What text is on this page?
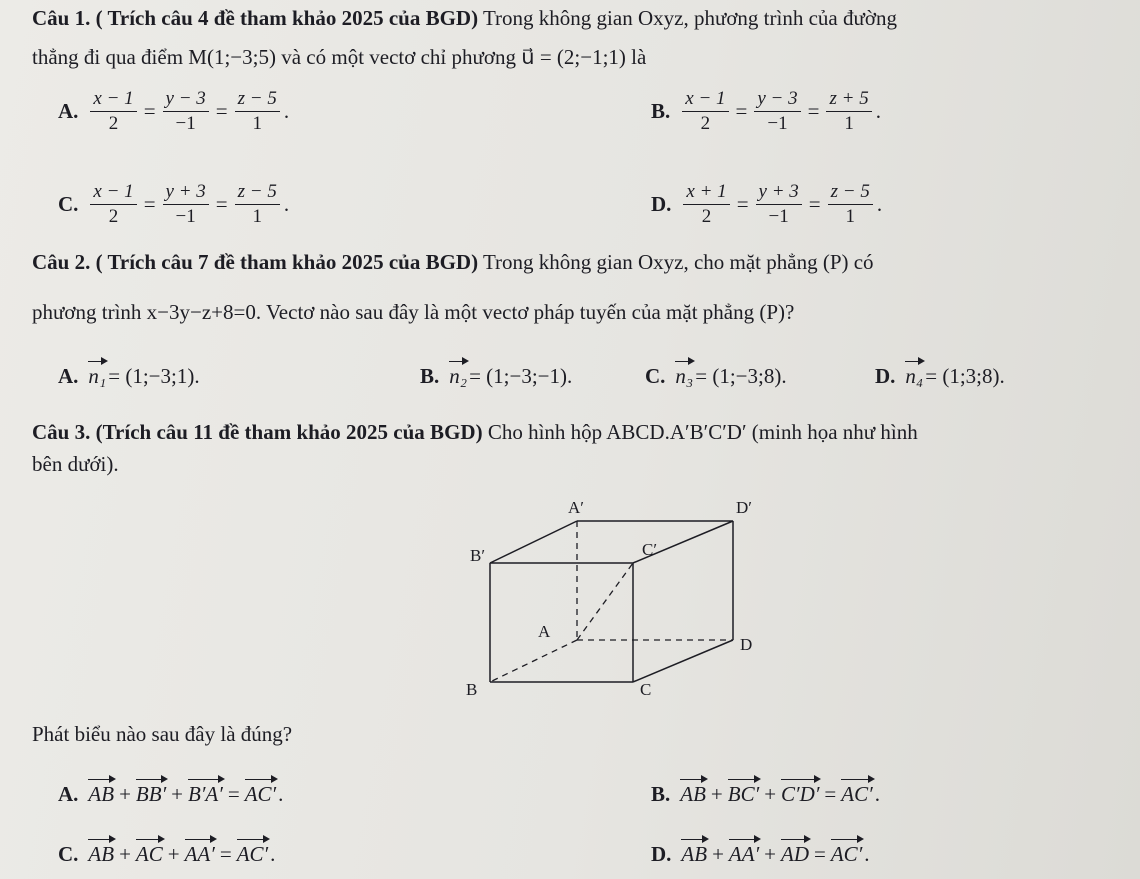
Câu 1. ( Trích câu 4 đề tham khảo 2025 của BGD) Trong không gian Oxyz, phương trình của đường
thẳng đi qua điểm M(1;−3;5) và có một vectơ chỉ phương u⃗ = (2;−1;1) là
A. $\frac{x - 1}{2} = \frac{y - 3}{-1} = \frac{z - 5}{1}$ .	B. $\frac{x - 1}{2} = \frac{y - 3}{-1} = \frac{z + 5}{1}$ .
C. $\frac{x - 1}{2} = \frac{y + 3}{-1} = \frac{z - 5}{1}$ .	D. $\frac{x + 1}{2} = \frac{y + 3}{-1} = \frac{z - 5}{1}$ .
Câu 2. ( Trích câu 7 đề tham khảo 2025 của BGD) Trong không gian Oxyz, cho mặt phẳng (P) có
phương trình x−3y−z+8=0. Vectơ nào sau đây là một vectơ pháp tuyến của mặt phẳng (P)?
A. n₁ = (1;−3;1).	B. n₂ = (1;−3;−1).	C. n₃ = (1;−3;8).	D. n₄ = (1;3;8).
Câu 3. (Trích câu 11 đề tham khảo 2025 của BGD) Cho hình hộp ABCD.A′B′C′D′ (minh họa như hình
bên dưới).
A′	D′
B′	C′
A
D
B	C
Phát biểu nào sau đây là đúng?
A. AB + BB′ + B′A′ = AC′ .	B. AB + BC′ + C′D′ = AC′ .
C. AB + AC + AA′ = AC′ .	D. AB + AA′ + AD = AC′ .
